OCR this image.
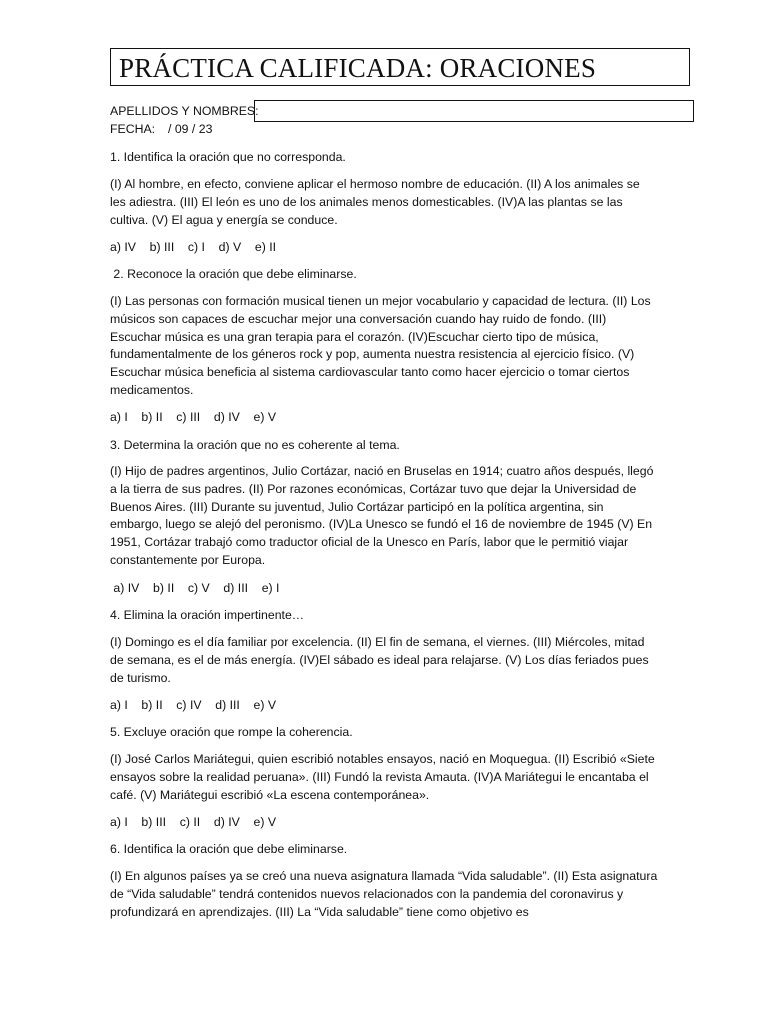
PRÁCTICA CALIFICADA: ORACIONES
APELLIDOS Y NOMBRES:
FECHA: / 09 / 23
1. Identifica la oración que no corresponda.
(I) Al hombre, en efecto, conviene aplicar el hermoso nombre de educación. (II) A los animales se les adiestra. (III) El león es uno de los animales menos domesticables. (IV)A las plantas se las cultiva. (V) El agua y energía se conduce.
a) IV    b) III    c) I    d) V    e) II
2. Reconoce la oración que debe eliminarse.
(I) Las personas con formación musical tienen un mejor vocabulario y capacidad de lectura. (II) Los músicos son capaces de escuchar mejor una conversación cuando hay ruido de fondo. (III) Escuchar música es una gran terapia para el corazón. (IV)Escuchar cierto tipo de música, fundamentalmente de los géneros rock y pop, aumenta nuestra resistencia al ejercicio físico. (V) Escuchar música beneficia al sistema cardiovascular tanto como hacer ejercicio o tomar ciertos medicamentos.
a) I    b) II    c) III    d) IV    e) V
3. Determina la oración que no es coherente al tema.
(I) Hijo de padres argentinos, Julio Cortázar, nació en Bruselas en 1914; cuatro años después, llegó a la tierra de sus padres. (II) Por razones económicas, Cortázar tuvo que dejar la Universidad de Buenos Aires. (III) Durante su juventud, Julio Cortázar participó en la política argentina, sin embargo, luego se alejó del peronismo. (IV)La Unesco se fundó el 16 de noviembre de 1945 (V) En 1951, Cortázar trabajó como traductor oficial de la Unesco en París, labor que le permitió viajar constantemente por Europa.
a) IV    b) II    c) V    d) III    e) I
4. Elimina la oración impertinente…
(I) Domingo es el día familiar por excelencia. (II) El fin de semana, el viernes. (III) Miércoles, mitad de semana, es el de más energía. (IV)El sábado es ideal para relajarse. (V) Los días feriados pues de turismo.
a) I    b) II    c) IV    d) III    e) V
5. Excluye oración que rompe la coherencia.
(I) José Carlos Mariátegui, quien escribió notables ensayos, nació en Moquegua. (II) Escribió «Siete ensayos sobre la realidad peruana». (III) Fundó la revista Amauta. (IV)A Mariátegui le encantaba el café. (V) Mariátegui escribió «La escena contemporánea».
a) I    b) III    c) II    d) IV    e) V
6. Identifica la oración que debe eliminarse.
(I) En algunos países ya se creó una nueva asignatura llamada “Vida saludable”. (II) Esta asignatura de “Vida saludable” tendrá contenidos nuevos relacionados con la pandemia del coronavirus y profundizará en aprendizajes. (III) La “Vida saludable” tiene como objetivo es
